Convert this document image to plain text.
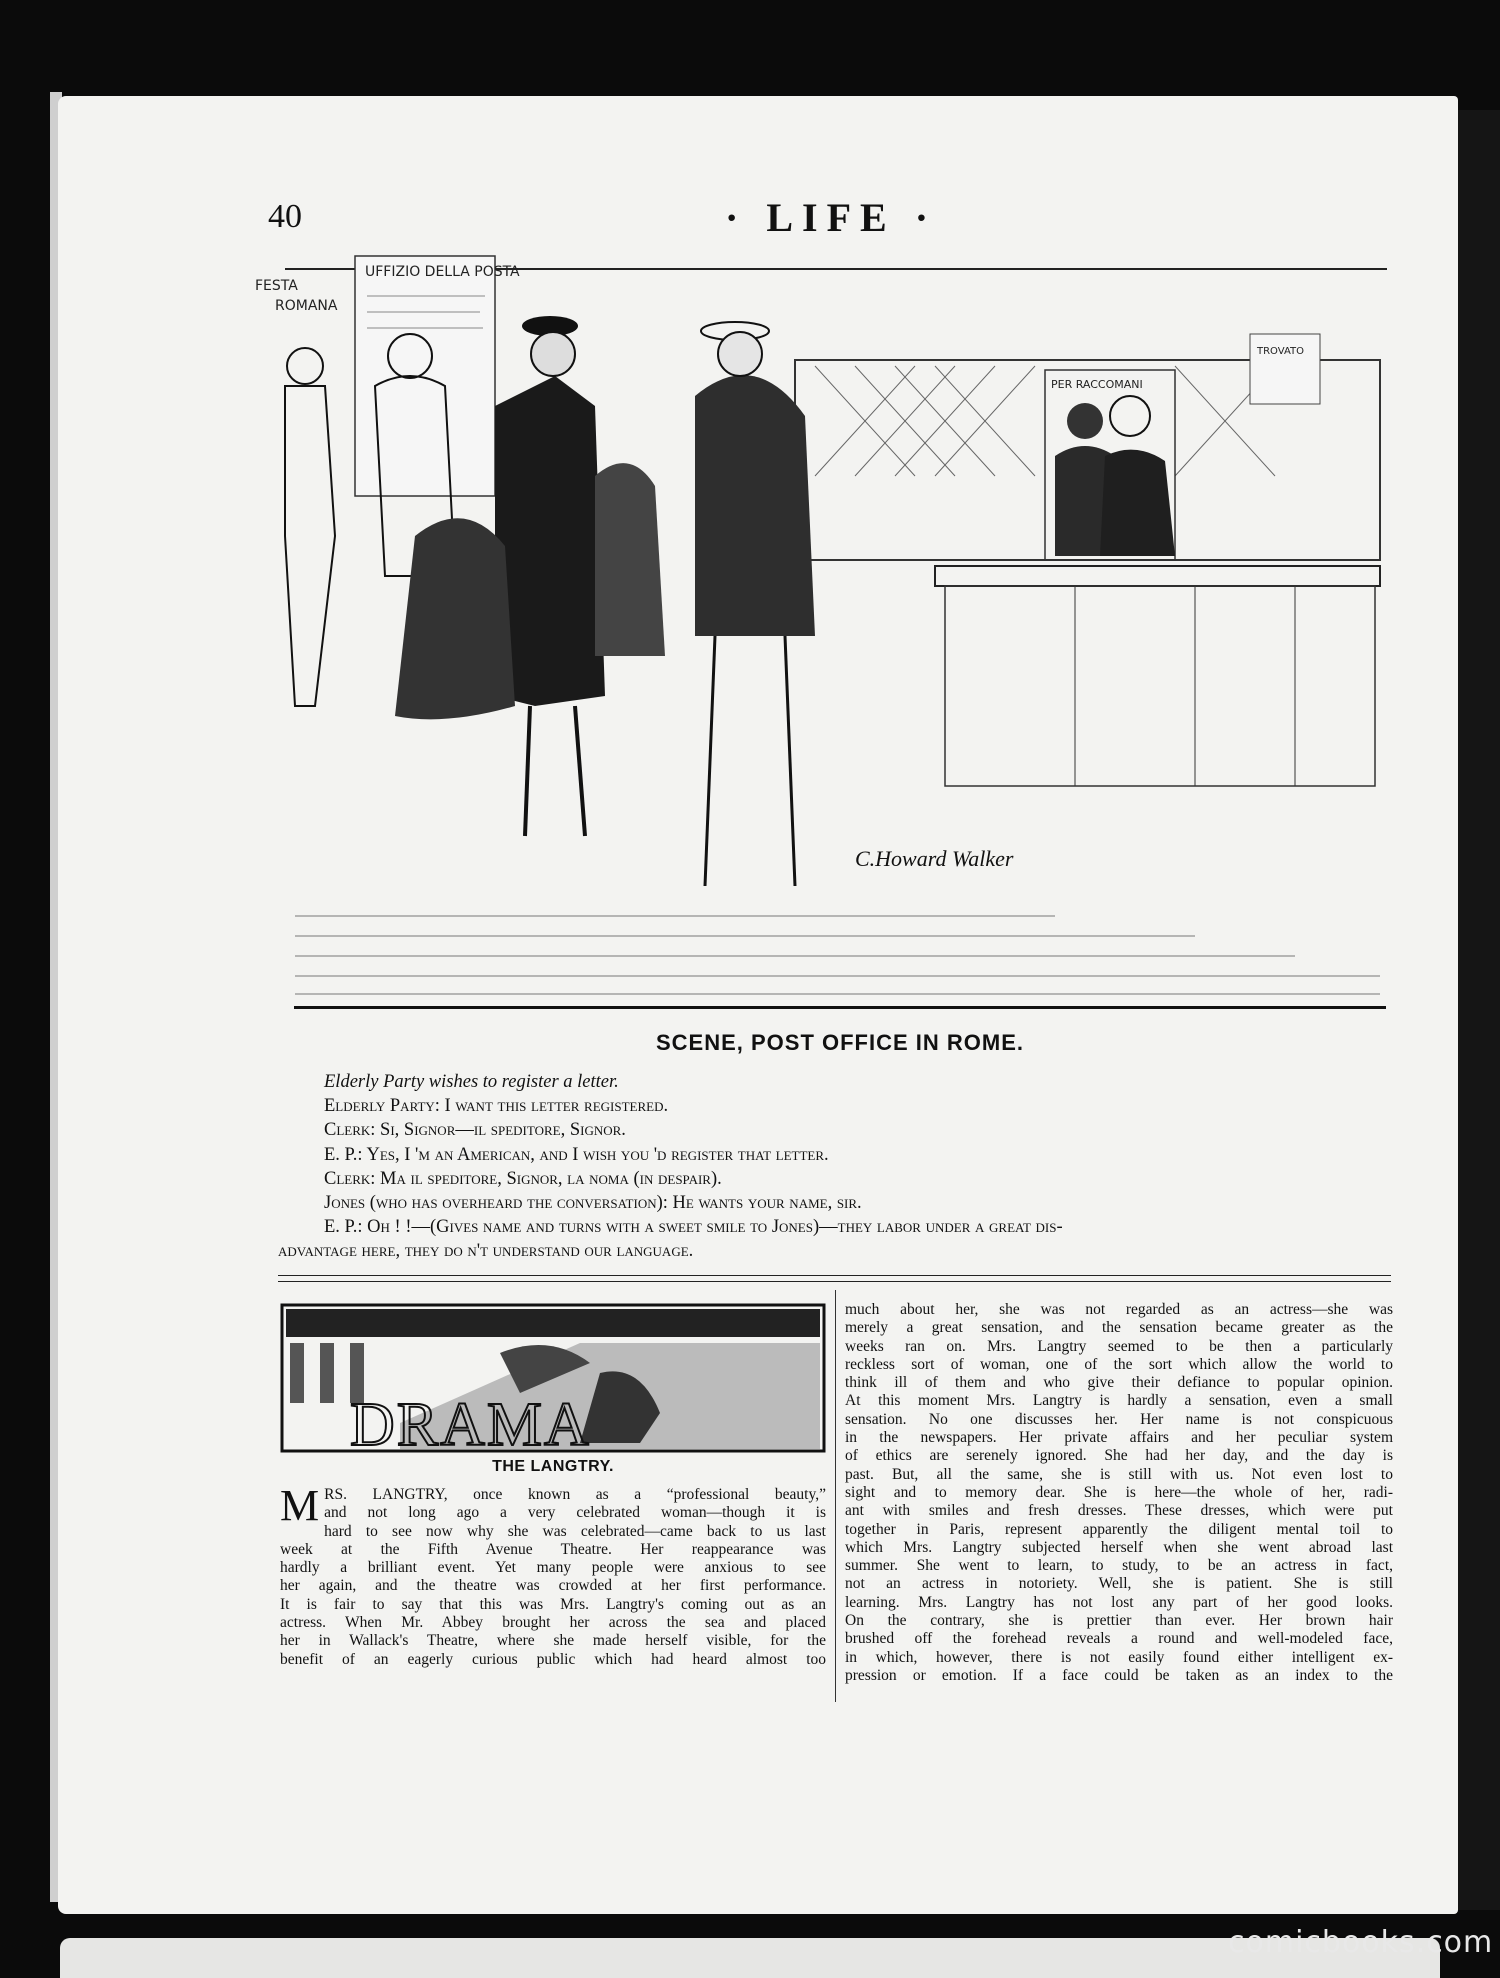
40	· LIFE ·
PER RACCOMANI
UFFIZIO DELLA POSTA
FESTA
ROMANA
TROVATO
C.Howard Walker
SCENE, POST OFFICE IN ROME.

Elderly Party wishes to register a letter.

Elderly Party: I want this letter registered.

Clerk: Si, Signor—il speditore, Signor.

E. P.: Yes, I 'm an American, and I wish you 'd register that letter.

Clerk: Ma il speditore, Signor, la noma (in despair).

Jones (who has overheard the conversation): He wants your name, sir.

E. P.: Oh ! !—(Gives name and turns with a sweet smile to Jones)—they labor under a great dis-

advantage here, they do n't understand our language.

DRAMA
THE LANGTRY.
M RS. LANGTRY, once known as a “professional beauty,”

and not long ago a very celebrated woman—though it is

hard to see now why she was celebrated—came back to us last

week at the Fifth Avenue Theatre. Her reappearance was

hardly a brilliant event. Yet many people were anxious to see

her again, and the theatre was crowded at her first performance.

It is fair to say that this was Mrs. Langtry's coming out as an

actress. When Mr. Abbey brought her across the sea and placed

her in Wallack's Theatre, where she made herself visible, for the

benefit of an eagerly curious public which had heard almost too

much about her, she was not regarded as an actress—she was

merely a great sensation, and the sensation became greater as the

weeks ran on. Mrs. Langtry seemed to be then a particularly

reckless sort of woman, one of the sort which allow the world to

think ill of them and who give their defiance to popular opinion.

At this moment Mrs. Langtry is hardly a sensation, even a small

sensation. No one discusses her. Her name is not conspicuous

in the newspapers. Her private affairs and her peculiar system

of ethics are serenely ignored. She had her day, and the day is

past. But, all the same, she is still with us. Not even lost to

sight and to memory dear. She is here—the whole of her, radi-

ant with smiles and fresh dresses. These dresses, which were put

together in Paris, represent apparently the diligent mental toil to

which Mrs. Langtry subjected herself when she went abroad last

summer. She went to learn, to study, to be an actress in fact,

not an actress in notoriety. Well, she is patient. She is still

learning. Mrs. Langtry has not lost any part of her good looks.

On the contrary, she is prettier than ever. Her brown hair

brushed off the forehead reveals a round and well-modeled face,

in which, however, there is not easily found either intelligent ex-

pression or emotion. If a face could be taken as an index to the

comicbooks.com
